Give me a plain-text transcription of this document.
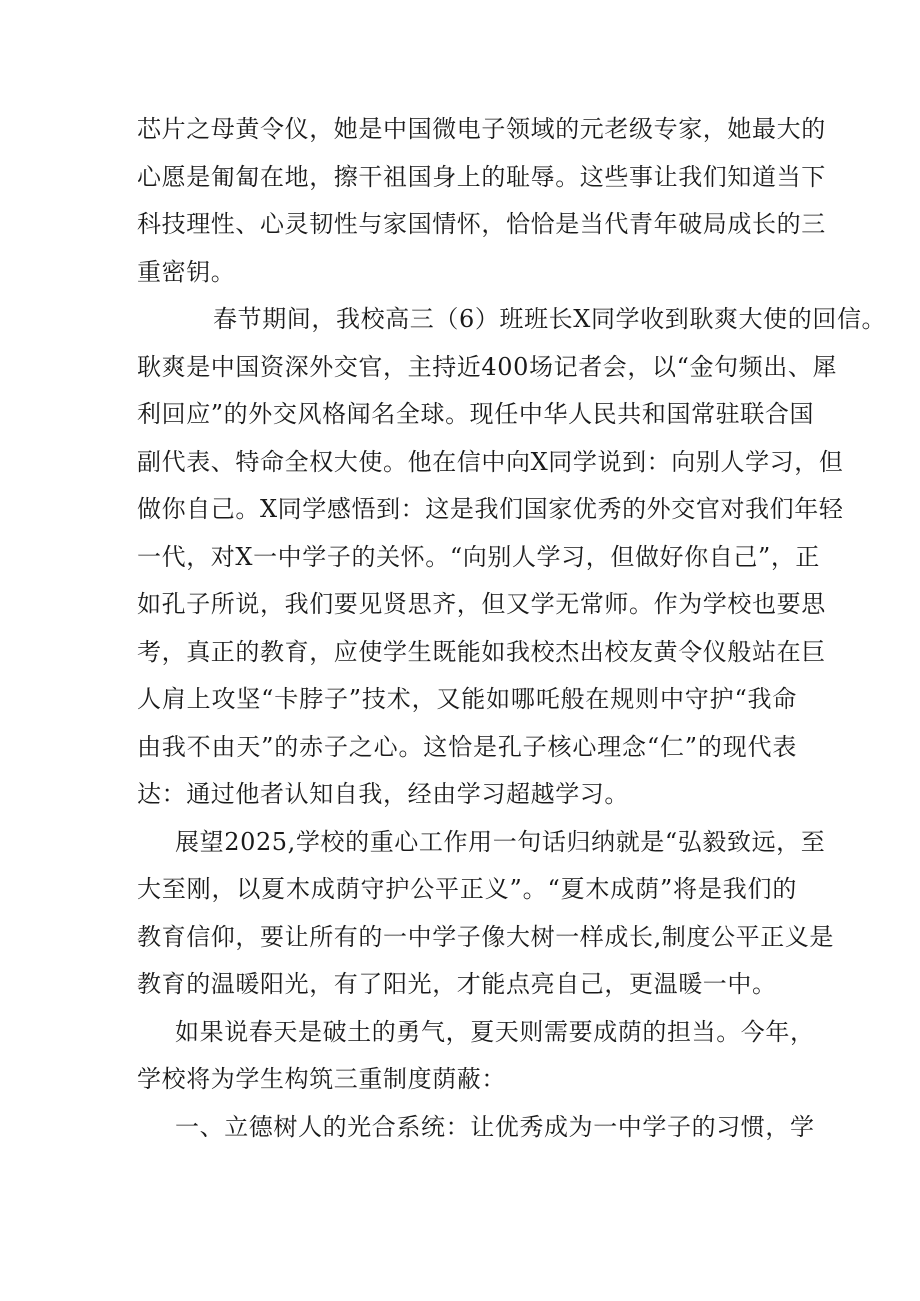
芯片之母黄令仪，她是中国微电子领域的元老级专家，她最大的
心愿是匍匐在地，擦干祖国身上的耻辱。这些事让我们知道当下
科技理性、心灵韧性与家国情怀，恰恰是当代青年破局成长的三
重密钥。
春节期间，我校高三（6）班班长X同学收到耿爽大使的回信。
耿爽是中国资深外交官，主持近400场记者会，以“金句频出、犀
利回应”的外交风格闻名全球。现任中华人民共和国常驻联合国
副代表、特命全权大使。他在信中向X同学说到：向别人学习，但
做你自己。X同学感悟到：这是我们国家优秀的外交官对我们年轻
一代，对X一中学子的关怀。“向别人学习，但做好你自己”，正
如孔子所说，我们要见贤思齐，但又学无常师。作为学校也要思
考，真正的教育，应使学生既能如我校杰出校友黄令仪般站在巨
人肩上攻坚“卡脖子”技术，又能如哪吒般在规则中守护“我命
由我不由天”的赤子之心。这恰是孔子核心理念“仁”的现代表
达：通过他者认知自我，经由学习超越学习。
展望2025,学校的重心工作用一句话归纳就是“弘毅致远，至
大至刚，以夏木成荫守护公平正义”。“夏木成荫”将是我们的
教育信仰，要让所有的一中学子像大树一样成长,制度公平正义是
教育的温暖阳光，有了阳光，才能点亮自己，更温暖一中。
如果说春天是破土的勇气，夏天则需要成荫的担当。今年，
学校将为学生构筑三重制度荫蔽：
一、立德树人的光合系统：让优秀成为一中学子的习惯，学
